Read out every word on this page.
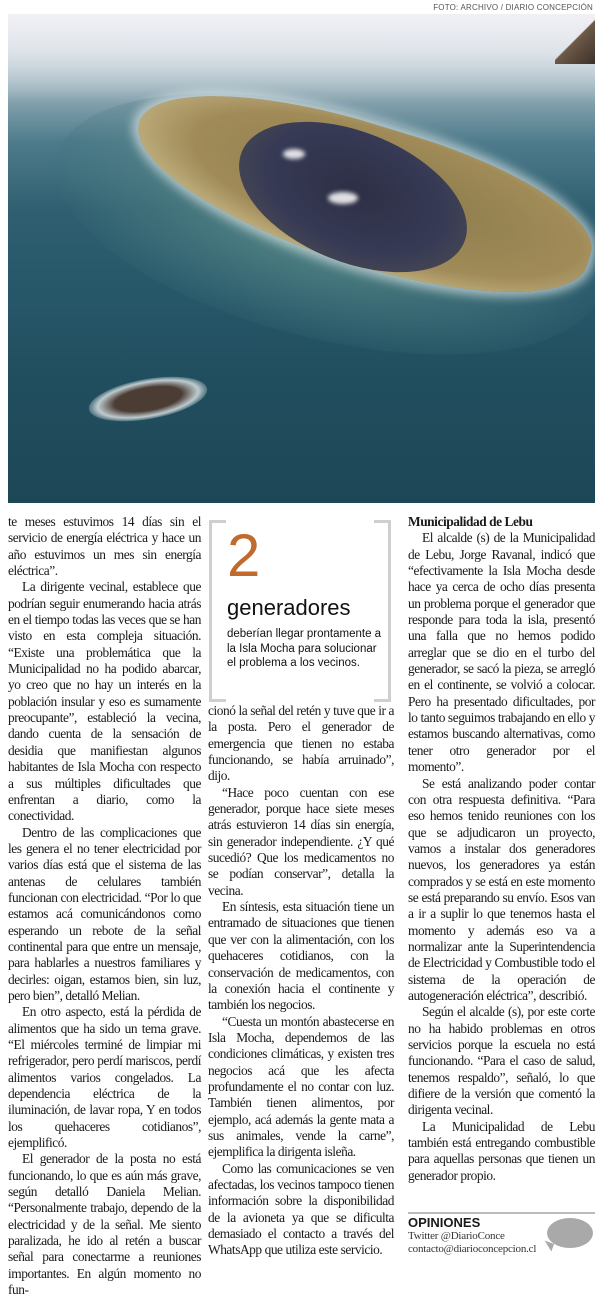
FOTO: ARCHIVO / DIARIO CONCEPCIÓN

te meses estuvimos 14 días sin el servicio de energía eléctrica y hace un año estuvimos un mes sin energía eléctrica”.

La dirigente vecinal, establece que podrían seguir enumerando hacia atrás en el tiempo todas las veces que se han visto en esta compleja situación. “Existe una problemática que la Municipalidad no ha podido abarcar, yo creo que no hay un interés en la población insular y eso es sumamente preocupante”, estableció la vecina, dando cuenta de la sensación de desidia que manifiestan algunos habitantes de Isla Mocha con respecto a sus múltiples dificultades que enfrentan a diario, como la conectividad.

Dentro de las complicaciones que les genera el no tener electricidad por varios días está que el sistema de las antenas de celulares también funcionan con electricidad. “Por lo que estamos acá comunicándonos como esperando un rebote de la señal continental para que entre un mensaje, para hablarles a nuestros familiares y decirles: oigan, estamos bien, sin luz, pero bien”, detalló Melian.

En otro aspecto, está la pérdida de alimentos que ha sido un tema grave. “El miércoles terminé de limpiar mi refrigerador, pero perdí mariscos, perdí alimentos varios congelados. La dependencia eléctrica de la iluminación, de lavar ropa, Y en todos los quehaceres cotidianos”, ejemplificó.

El generador de la posta no está funcionando, lo que es aún más grave, según detalló Daniela Melian. “Personalmente trabajo, dependo de la electricidad y de la señal. Me siento paralizada, he ido al retén a buscar señal para conectarme a reuniones importantes. En algún momento no fun-

2
generadores
deberían llegar prontamente a la Isla Mocha para solucionar el problema a los vecinos.

cionó la señal del retén y tuve que ir a la posta. Pero el generador de emergencia que tienen no estaba funcionando, se había arruinado”, dijo.

“Hace poco cuentan con ese generador, porque hace siete meses atrás estuvieron 14 días sin energía, sin generador independiente. ¿Y qué sucedió? Que los medicamentos no se podían conservar”, detalla la vecina.

En síntesis, esta situación tiene un entramado de situaciones que tienen que ver con la alimentación, con los quehaceres cotidianos, con la conservación de medicamentos, con la conexión hacia el continente y también los negocios.

“Cuesta un montón abastecerse en Isla Mocha, dependemos de las condiciones climáticas, y existen tres negocios acá que les afecta profundamente el no contar con luz. También tienen alimentos, por ejemplo, acá además la gente mata a sus animales, vende la carne”, ejemplifica la dirigenta isleña.

Como las comunicaciones se ven afectadas, los vecinos tampoco tienen información sobre la disponibilidad de la avioneta ya que se dificulta demasiado el contacto a través del WhatsApp que utiliza este servicio.

Municipalidad de Lebu

El alcalde (s) de la Municipalidad de Lebu, Jorge Ravanal, indicó que “efectivamente la Isla Mocha desde hace ya cerca de ocho días presenta un problema porque el generador que responde para toda la isla, presentó una falla que no hemos podido arreglar que se dio en el turbo del generador, se sacó la pieza, se arregló en el continente, se volvió a colocar. Pero ha presentado dificultades, por lo tanto seguimos trabajando en ello y estamos buscando alternativas, como tener otro generador por el momento”.

Se está analizando poder contar con otra respuesta definitiva. “Para eso hemos tenido reuniones con los que se adjudicaron un proyecto, vamos a instalar dos generadores nuevos, los generadores ya están comprados y se está en este momento se está preparando su envío. Esos van a ir a suplir lo que tenemos hasta el momento y además eso va a normalizar ante la Superintendencia de Electricidad y Combustible todo el sistema de la operación de autogeneración eléctrica”, describió.

Según el alcalde (s), por este corte no ha habido problemas en otros servicios porque la escuela no está funcionando. “Para el caso de salud, tenemos respaldo”, señaló, lo que difiere de la versión que comentó la dirigenta vecinal.

La Municipalidad de Lebu también está entregando combustible para aquellas personas que tienen un generador propio.

OPINIONES
Twitter @DiarioConce
contacto@diarioconcepcion.cl
